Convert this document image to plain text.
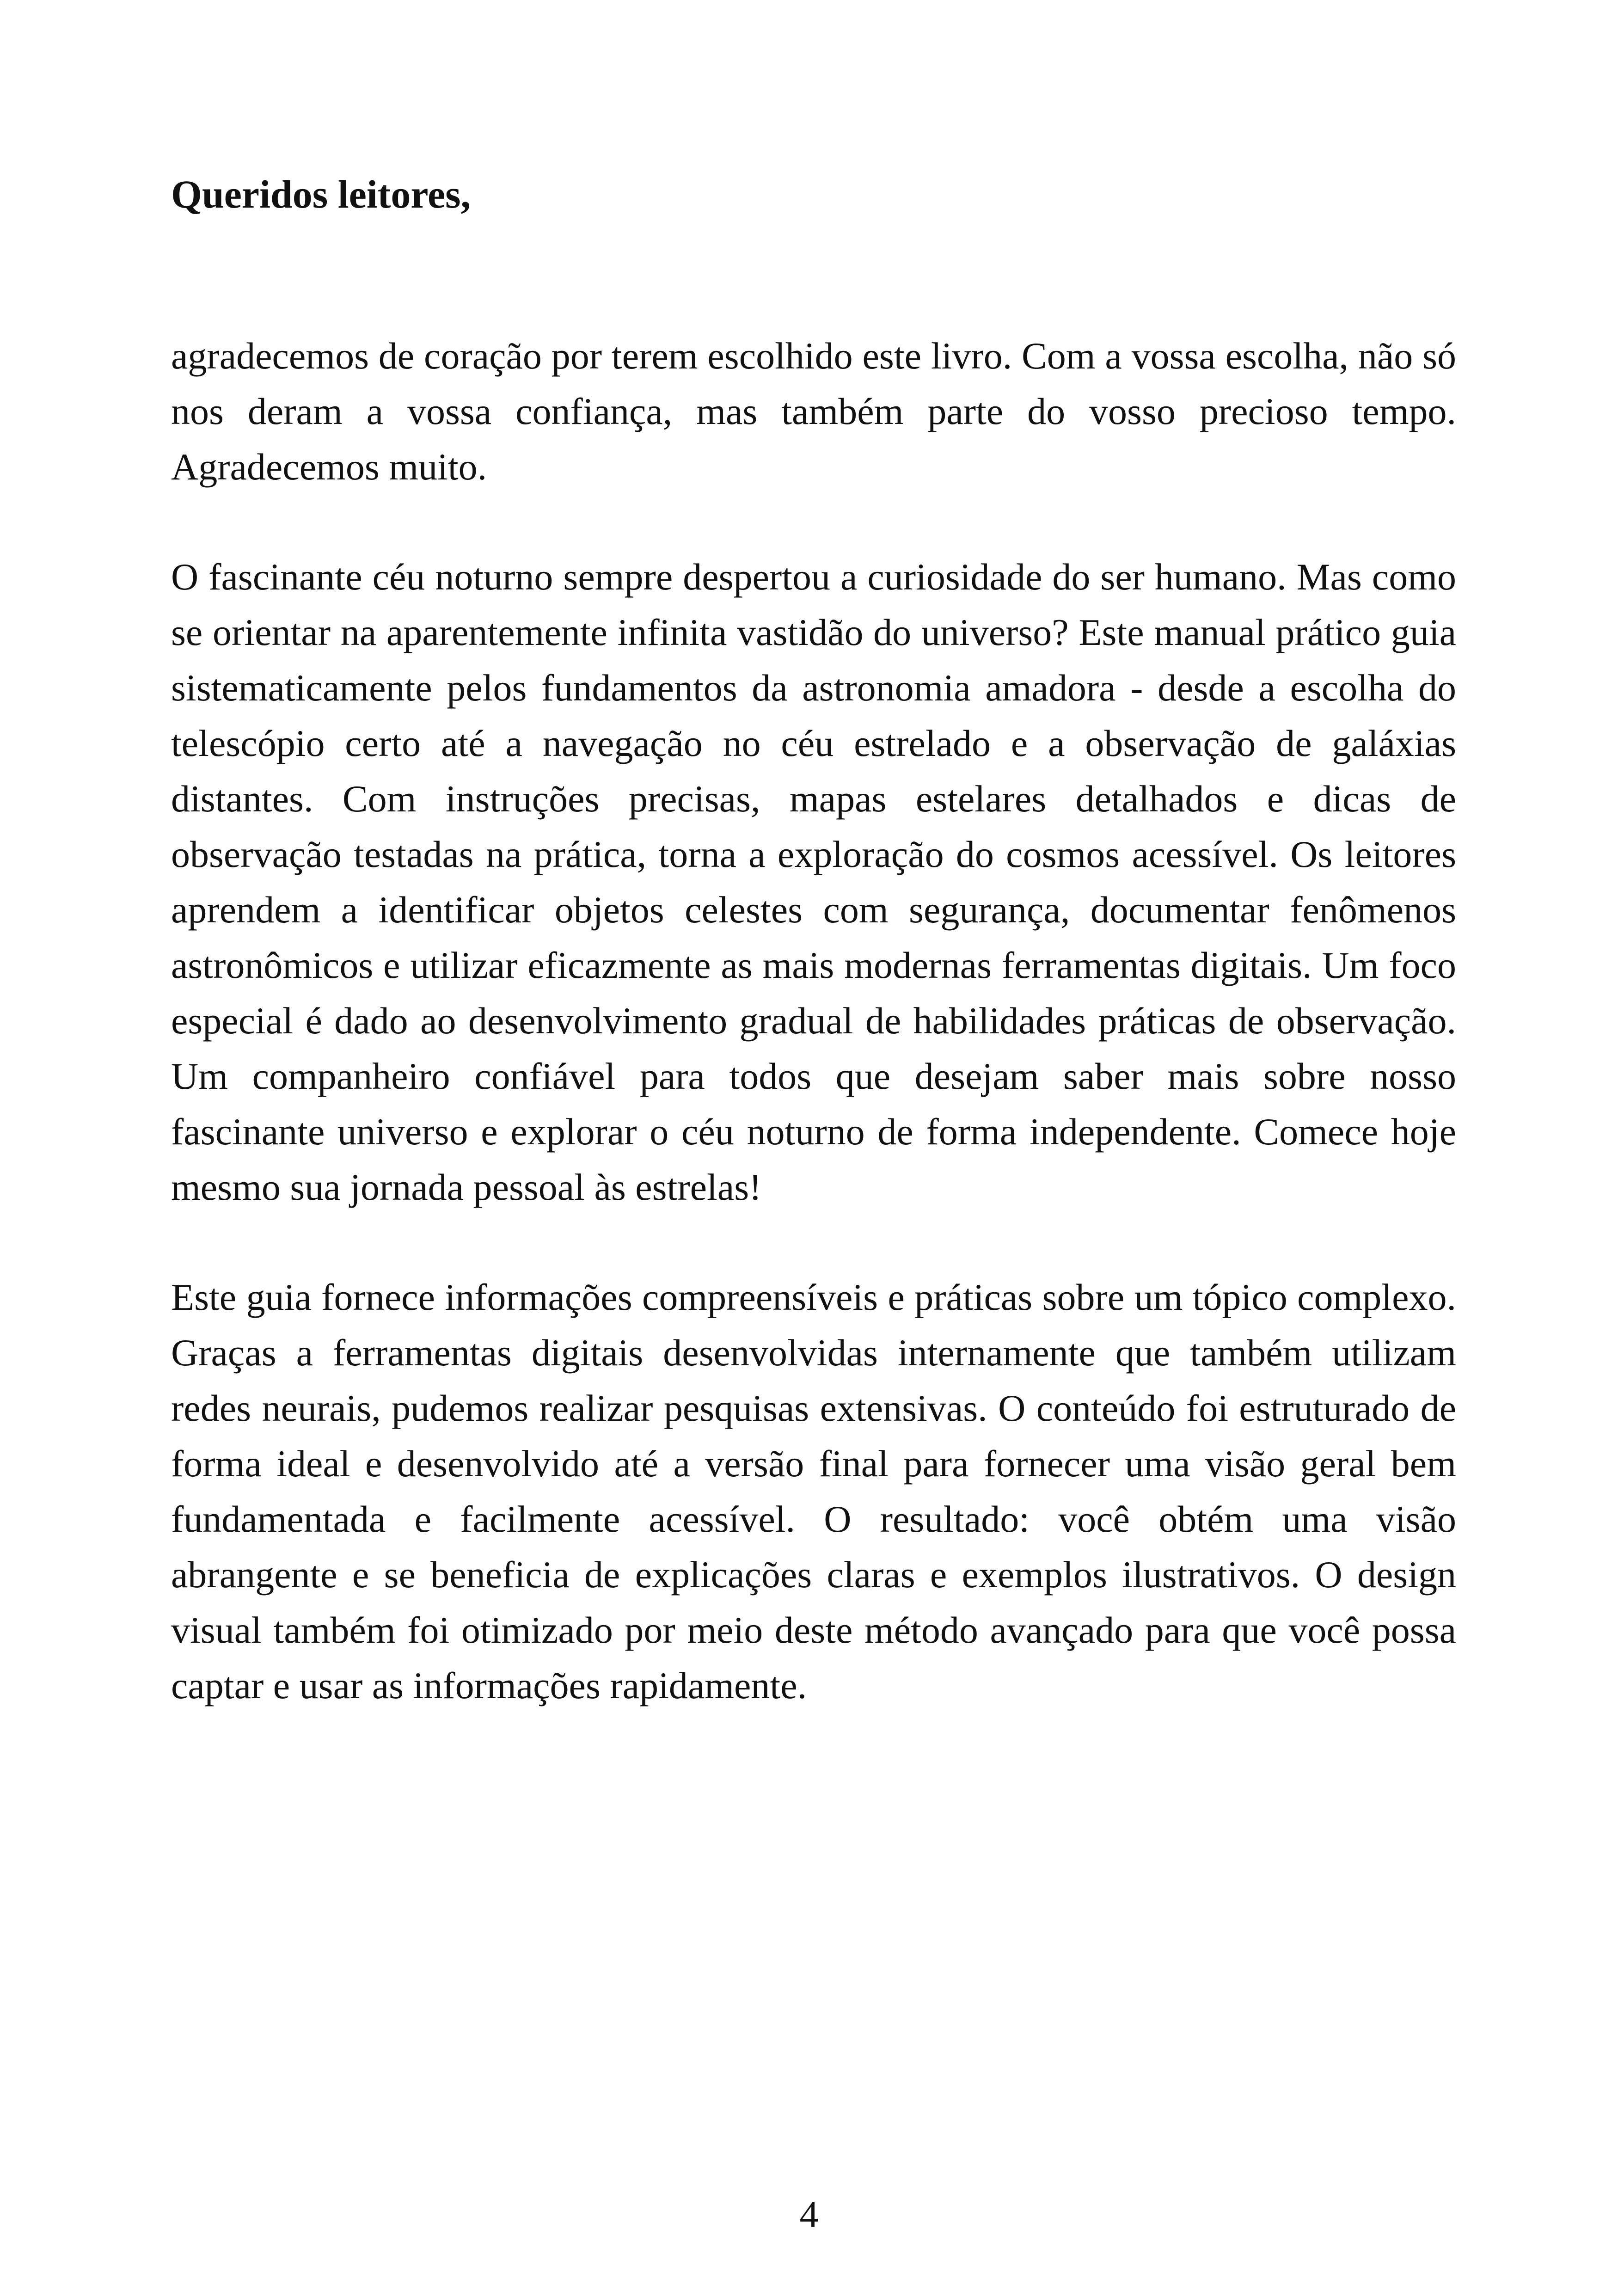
Queridos leitores,

agradecemos de coração por terem escolhido este livro. Com a vossa escolha, não só nos deram a vossa confiança, mas também parte do vosso precioso tempo. Agradecemos muito.

O fascinante céu noturno sempre despertou a curiosidade do ser humano. Mas como se orientar na aparentemente infinita vastidão do universo? Este manual prático guia sistematicamente pelos fundamentos da astronomia amadora - desde a escolha do telescópio certo até a navegação no céu estrelado e a observação de galáxias distantes. Com instruções precisas, mapas estelares detalhados e dicas de observação testadas na prática, torna a exploração do cosmos acessível. Os leitores aprendem a identificar objetos celestes com segurança, documentar fenômenos astronômicos e utilizar eficazmente as mais modernas ferramentas digitais. Um foco especial é dado ao desenvolvimento gradual de habilidades práticas de observação. Um companheiro confiável para todos que desejam saber mais sobre nosso fascinante universo e explorar o céu noturno de forma independente. Comece hoje mesmo sua jornada pessoal às estrelas!

Este guia fornece informações compreensíveis e práticas sobre um tópico complexo. Graças a ferramentas digitais desenvolvidas internamente que também utilizam redes neurais, pudemos realizar pesquisas extensivas. O conteúdo foi estruturado de forma ideal e desenvolvido até a versão final para fornecer uma visão geral bem fundamentada e facilmente acessível. O resultado: você obtém uma visão abrangente e se beneficia de explicações claras e exemplos ilustrativos. O design visual também foi otimizado por meio deste método avançado para que você possa captar e usar as informações rapidamente.

4
